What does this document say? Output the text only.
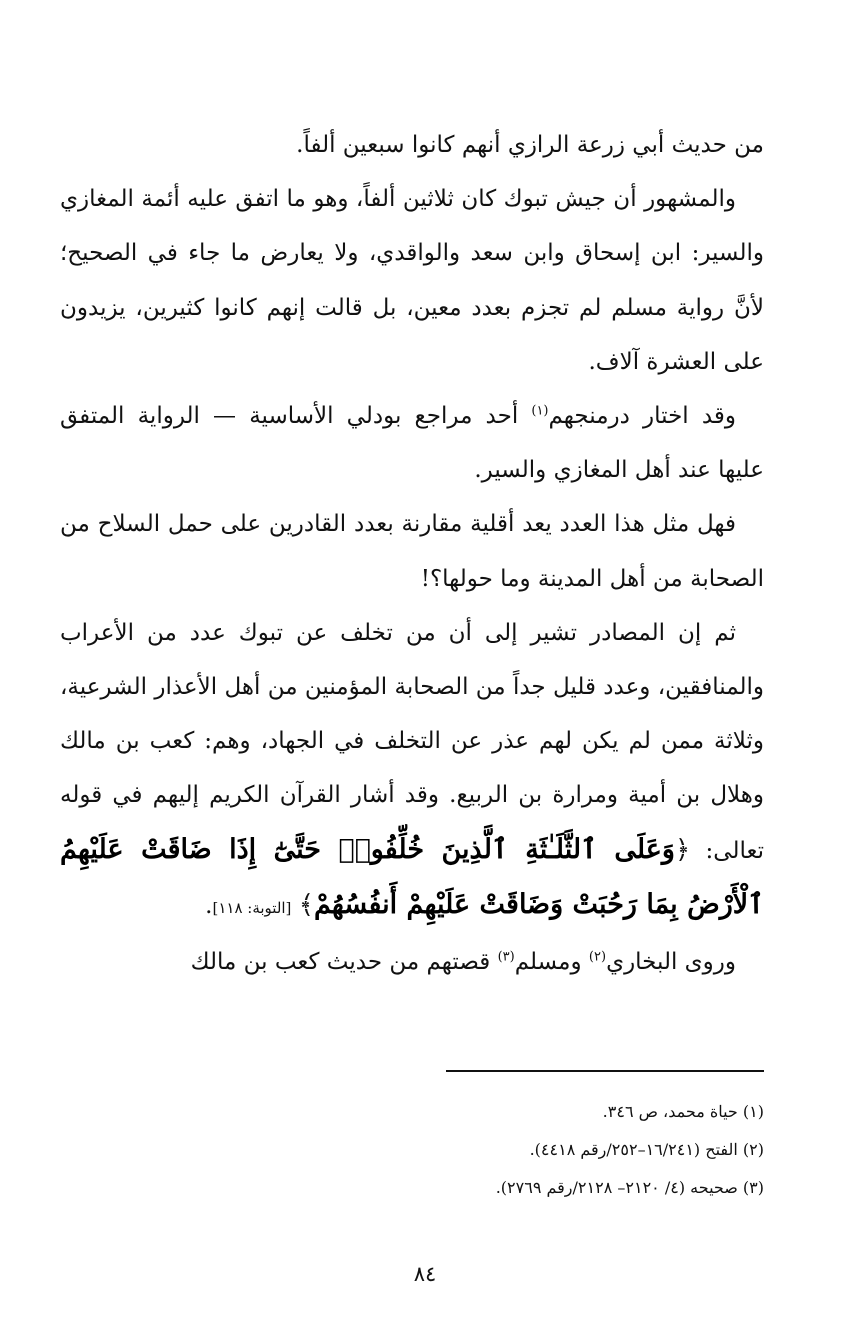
من حديث أبي زرعة الرازي أنهم كانوا سبعين ألفاً.

والمشهور أن جيش تبوك كان ثلاثين ألفاً، وهو ما اتفق عليه أئمة المغازي والسير: ابن إسحاق وابن سعد والواقدي، ولا يعارض ما جاء في الصحيح؛ لأنَّ رواية مسلم لم تجزم بعدد معين، بل قالت إنهم كانوا كثيرين، يزيدون على العشرة آلاف.

وقد اختار درمنجهم$^{(١)}$ أحد مراجع بودلي الأساسية — الرواية المتفق عليها عند أهل المغازي والسير.

فهل مثل هذا العدد يعد أقلية مقارنة بعدد القادرين على حمل السلاح من الصحابة من أهل المدينة وما حولها؟!

ثم إن المصادر تشير إلى أن من تخلف عن تبوك عدد من الأعراب والمنافقين، وعدد قليل جداً من الصحابة المؤمنين من أهل الأعذار الشرعية، وثلاثة ممن لم يكن لهم عذر عن التخلف في الجهاد، وهم: كعب بن مالك وهلال بن أمية ومرارة بن الربيع. وقد أشار القرآن الكريم إليهم في قوله تعالى: ﴿وَعَلَى ٱلثَّلَـٰثَةِ ٱلَّذِينَ خُلِّفُوا۟ حَتَّىٰٓ إِذَا ضَاقَتْ عَلَيْهِمُ ٱلْأَرْضُ بِمَا رَحُبَتْ وَضَاقَتْ عَلَيْهِمْ أَنفُسُهُمْ﴾ [التوبة: ١١٨].

وروى البخاري$^{(٢)}$ ومسلم$^{(٣)}$ قصتهم من حديث كعب بن مالك

(١) حياة محمد، ص ٣٤٦.

(٢) الفتح (١٦/٢٤١–٢٥٢/رقم ٤٤١٨).

(٣) صحيحه (٤/ ٢١٢٠– ٢١٢٨/رقم ٢٧٦٩).

٨٤
